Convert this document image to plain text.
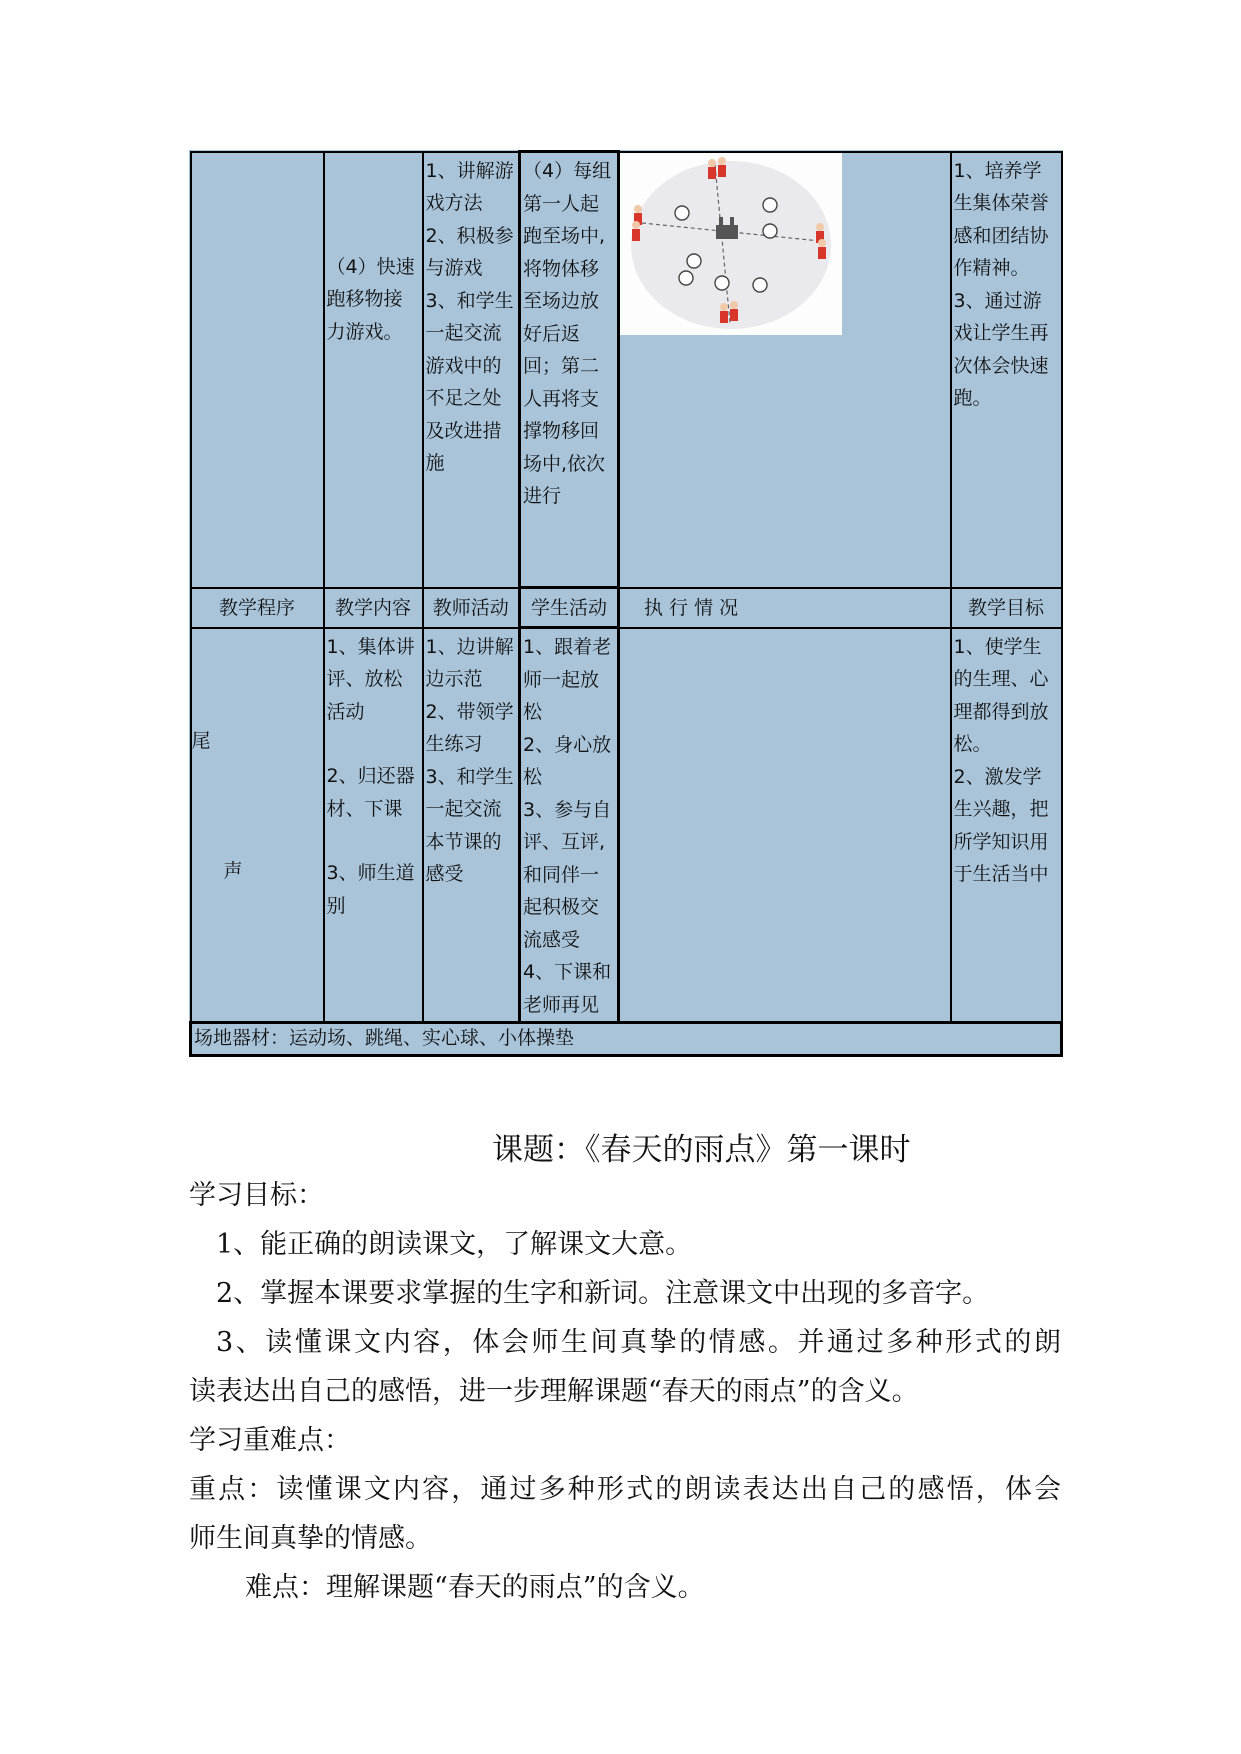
	（4）快速跑移物接力游戏。	1、讲解游戏方法
2、积极参与游戏
3、和学生一起交流游戏中的不足之处及改进措施	（4）每组第一人起跑至场中,将物体移至场边放好后返回；第二人再将支撑物移回场中,依次进行		1、培养学生集体荣誉感和团结协作精神。
3、通过游戏让学生再次体会快速跑。

教学程序	教学内容	教师活动	学生活动	执 行 情 况	教学目标

尾
声	1、集体讲评、放松活动
2、归还器材、下课
3、师生道别	1、边讲解边示范
2、带领学生练习
3、和学生一起交流本节课的感受	1、跟着老师一起放松
2、身心放松
3、参与自评、互评,和同伴一起积极交流感受
4、下课和老师再见		1、使学生的生理、心理都得到放松。
2、激发学生兴趣，把所学知识用于生活当中

场地器材：运动场、跳绳、实心球、小体操垫					
课题：《春天的雨点》第一课时
学习目标：
1、能正确的朗读课文，了解课文大意。
2、掌握本课要求掌握的生字和新词。注意课文中出现的多音字。
3、读懂课文内容，体会师生间真挚的情感。并通过多种形式的朗
读表达出自己的感悟，进一步理解课题“春天的雨点”的含义。
学习重难点：
重点：读懂课文内容，通过多种形式的朗读表达出自己的感悟，体会
师生间真挚的情感。
难点：理解课题“春天的雨点”的含义。
